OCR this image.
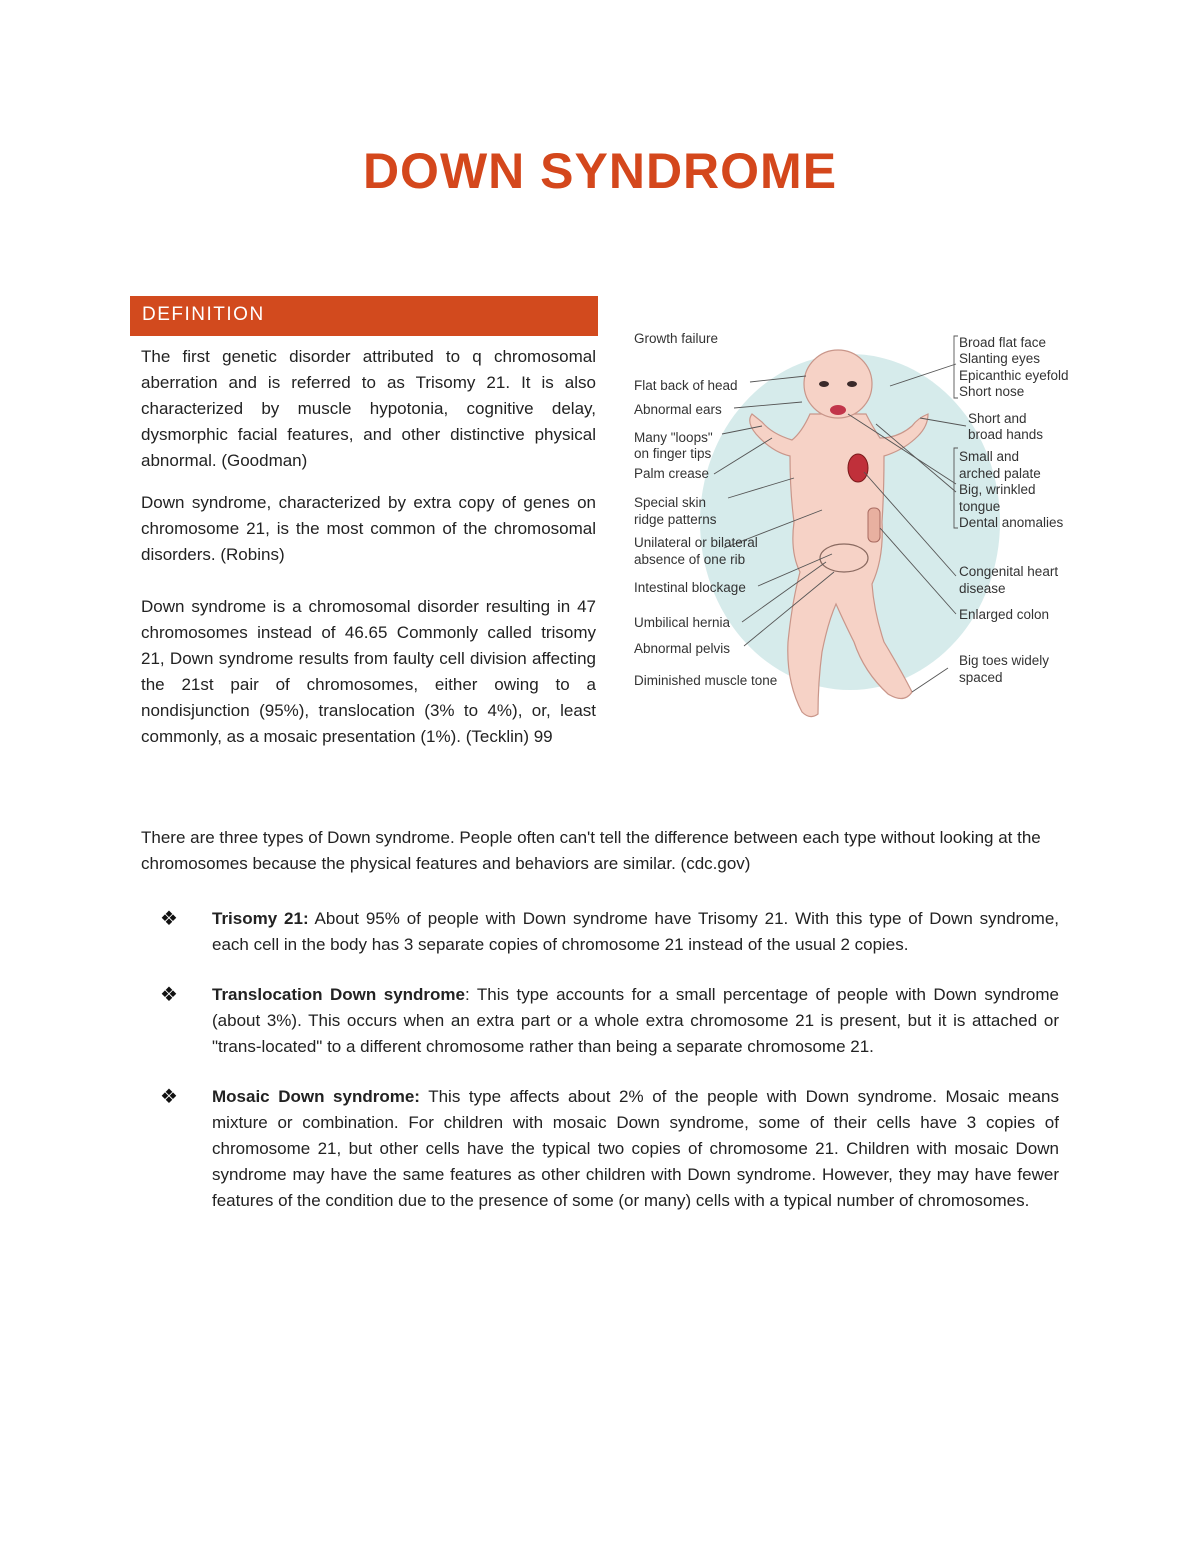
DOWN SYNDROME
DEFINITION

The first genetic disorder attributed to q chromosomal aberration and is referred to as Trisomy 21. It is also characterized by muscle hypotonia, cognitive delay, dysmorphic facial features, and other distinctive physical abnormal. (Goodman)

Down syndrome, characterized by extra copy of genes on chromosome 21, is the most common of the chromosomal disorders. (Robins)

Down syndrome is a chromosomal disorder resulting in 47 chromosomes instead of 46.65 Commonly called trisomy 21, Down syndrome results from faulty cell division affecting the 21st pair of chromosomes, either owing to a nondisjunction (95%), translocation (3% to 4%), or, least commonly, as a mosaic presentation (1%). (Tecklin) 99

Growth failure
Flat back of head
Abnormal ears
Many "loops"
on finger tips
Palm crease
Special skin
ridge patterns
Unilateral or bilateral
absence of one rib
Intestinal blockage
Umbilical hernia
Abnormal pelvis
Diminished muscle tone
Broad flat face
Slanting eyes
Epicanthic eyefold
Short nose
Short and
broad hands
Small and
arched palate
Big, wrinkled
tongue
Dental anomalies
Congenital heart
disease
Enlarged colon
Big toes widely
spaced

There are three types of Down syndrome. People often can't tell the difference between each type without looking at the chromosomes because the physical features and behaviors are similar. (cdc.gov)

❖ Trisomy 21: About 95% of people with Down syndrome have Trisomy 21. With this type of Down syndrome, each cell in the body has 3 separate copies of chromosome 21 instead of the usual 2 copies.
❖ Translocation Down syndrome: This type accounts for a small percentage of people with Down syndrome (about 3%). This occurs when an extra part or a whole extra chromosome 21 is present, but it is attached or "trans-located" to a different chromosome rather than being a separate chromosome 21.
❖ Mosaic Down syndrome: This type affects about 2% of the people with Down syndrome. Mosaic means mixture or combination. For children with mosaic Down syndrome, some of their cells have 3 copies of chromosome 21, but other cells have the typical two copies of chromosome 21. Children with mosaic Down syndrome may have the same features as other children with Down syndrome. However, they may have fewer features of the condition due to the presence of some (or many) cells with a typical number of chromosomes.
